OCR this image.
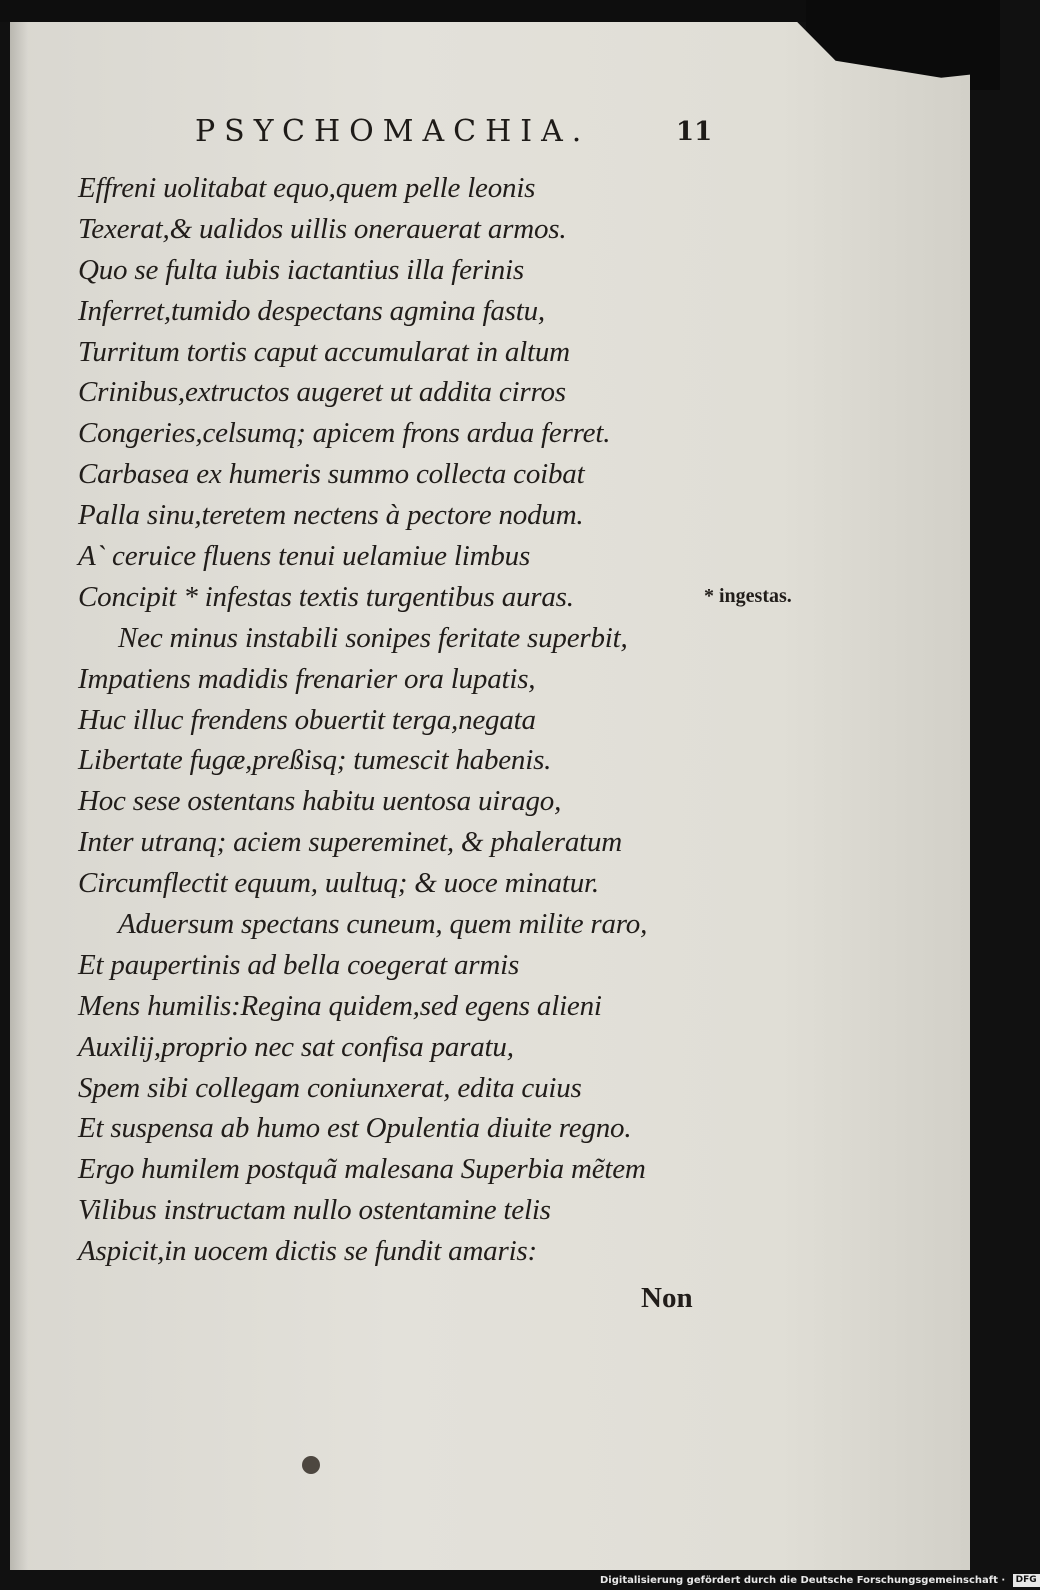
PSYCHOMACHIA.	11
Effreni uolitabat equo,quem pelle leonis
Texerat,& ualidos uillis onerauerat armos.
Quo se fulta iubis iactantius illa ferinis
Inferret,tumido despectans agmina fastu,
Turritum tortis caput accumularat in altum
Crinibus,extructos augeret ut addita cirros
Congeries,celsumq; apicem frons ardua ferret.
Carbasea ex humeris summo collecta coibat
Palla sinu,teretem nectens à pectore nodum.
A` ceruice fluens tenui uelamiue limbus
Concipit * infestas textis turgentibus auras.
Nec minus instabili sonipes feritate superbit,
Impatiens madidis frenarier ora lupatis,
Huc illuc frendens obuertit terga,negata
Libertate fugæ,preßisq; tumescit habenis.
Hoc sese ostentans habitu uentosa uirago,
Inter utranq; aciem supereminet, & phaleratum
Circumflectit equum, uultuq; & uoce minatur.
Aduersum spectans cuneum, quem milite raro,
Et paupertinis ad bella coegerat armis
Mens humilis:Regina quidem,sed egens alieni
Auxilij,proprio nec sat confisa paratu,
Spem sibi collegam coniunxerat, edita cuius
Et suspensa ab humo est Opulentia diuite regno.
Ergo humilem postquã malesana Superbia mẽtem
Vilibus instructam nullo ostentamine telis
Aspicit,in uocem dictis se fundit amaris:
* ingestas.
Non
Digitalisierung gefördert durch die Deutsche Forschungsgemeinschaft · DFG
